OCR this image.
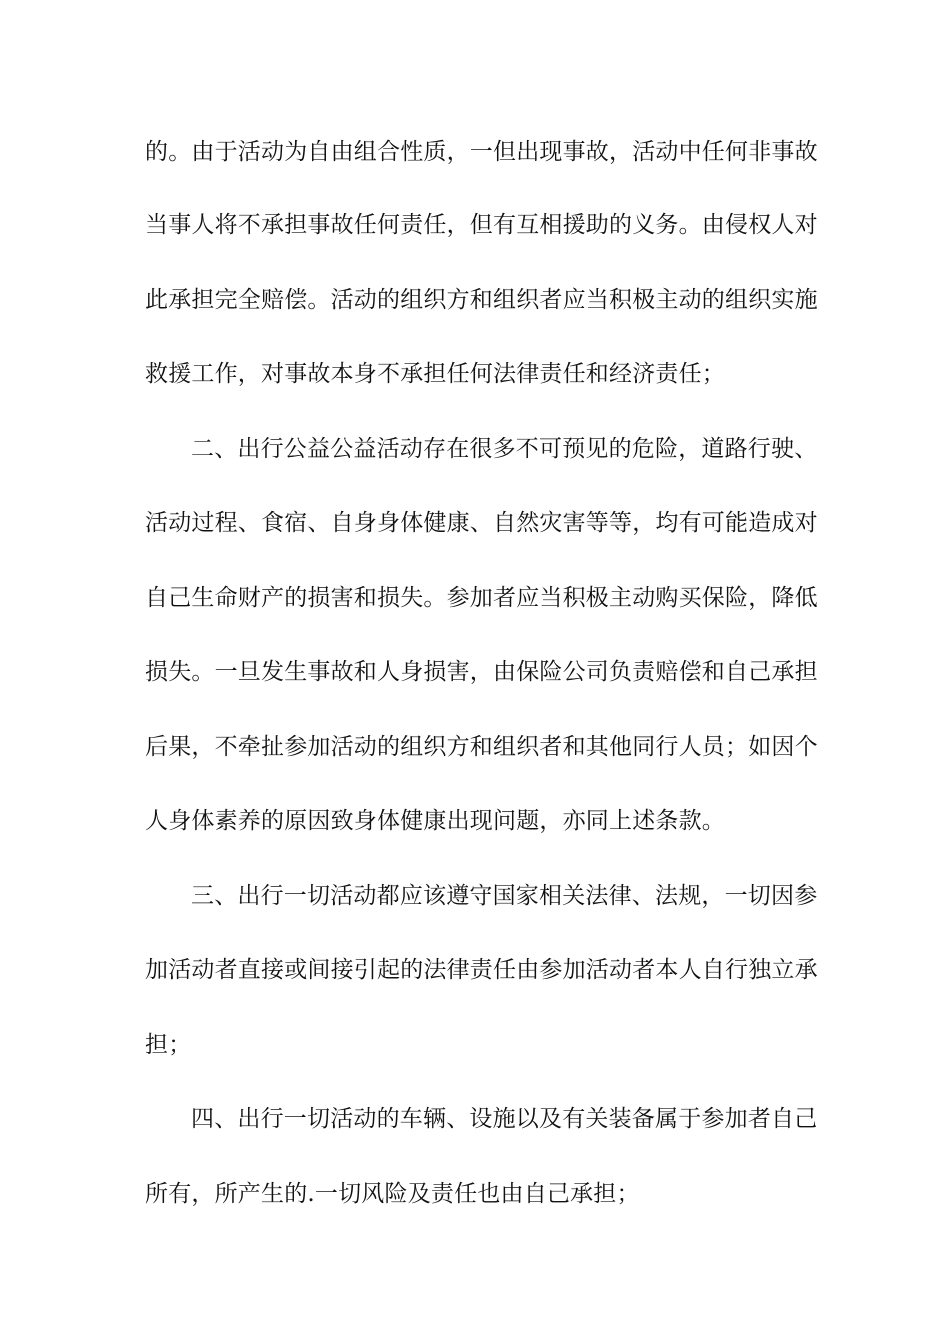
的。由于活动为自由组合性质，一但出现事故，活动中任何非事故
当事人将不承担事故任何责任，但有互相援助的义务。由侵权人对
此承担完全赔偿。活动的组织方和组织者应当积极主动的组织实施
救援工作，对事故本身不承担任何法律责任和经济责任；
二、出行公益公益活动存在很多不可预见的危险，道路行驶、
活动过程、食宿、自身身体健康、自然灾害等等，均有可能造成对
自己生命财产的损害和损失。参加者应当积极主动购买保险，降低
损失。一旦发生事故和人身损害，由保险公司负责赔偿和自己承担
后果，不牵扯参加活动的组织方和组织者和其他同行人员；如因个
人身体素养的原因致身体健康出现问题，亦同上述条款。
三、出行一切活动都应该遵守国家相关法律、法规，一切因参
加活动者直接或间接引起的法律责任由参加活动者本人自行独立承
担；
四、出行一切活动的车辆、设施以及有关装备属于参加者自己
所有，所产生的.一切风险及责任也由自己承担；
